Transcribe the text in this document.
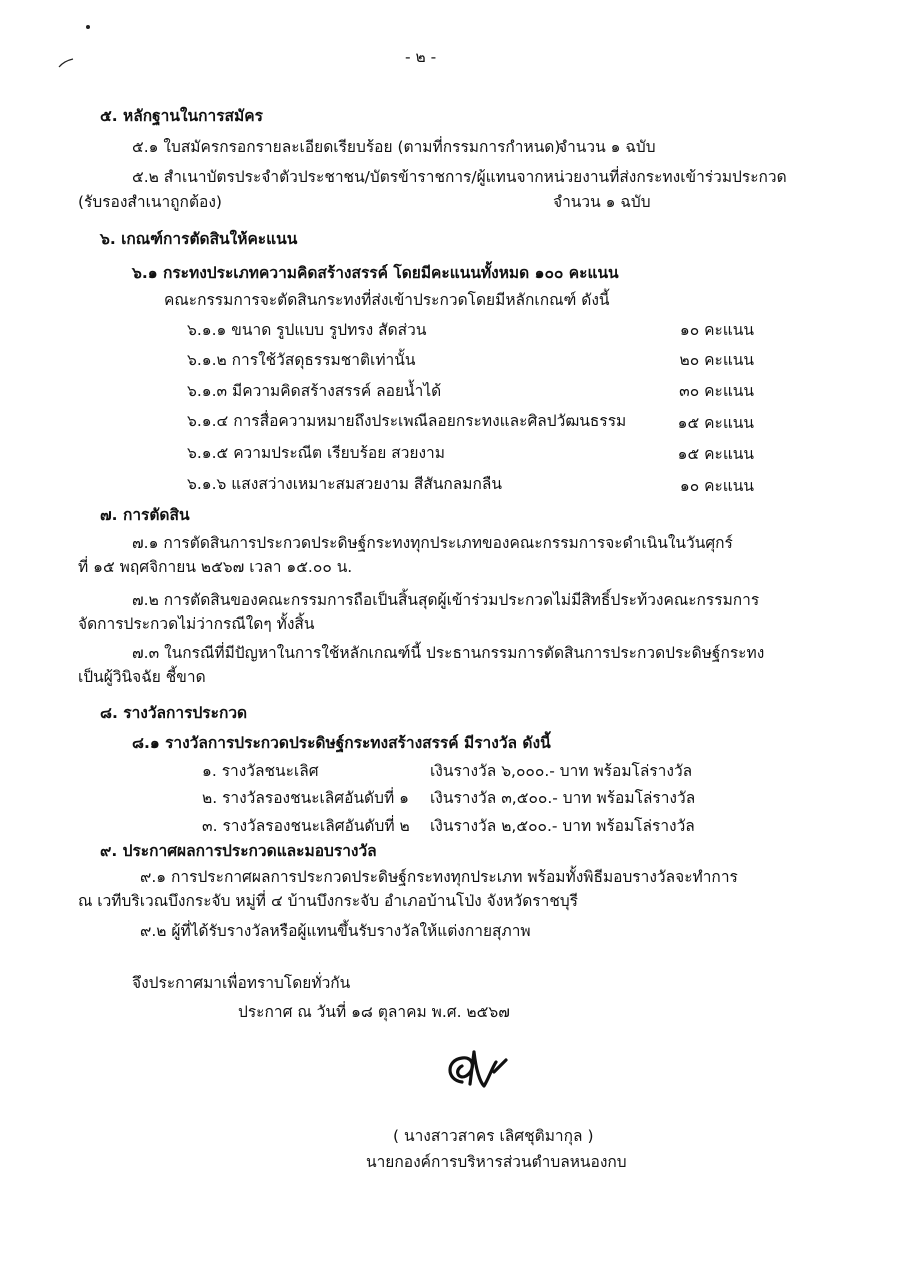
- ๒ -
๕. หลักฐานในการสมัคร
๕.๑ ใบสมัครกรอกรายละเอียดเรียบร้อย (ตามที่กรรมการกำหนด)
จำนวน ๑ ฉบับ
๕.๒ สำเนาบัตรประจำตัวประชาชน/บัตรข้าราชการ/ผู้แทนจากหน่วยงานที่ส่งกระทงเข้าร่วมประกวด
(รับรองสำเนาถูกต้อง)	จำนวน ๑ ฉบับ
๖. เกณฑ์การตัดสินให้คะแนน
๖.๑ กระทงประเภทความคิดสร้างสรรค์ โดยมีคะแนนทั้งหมด ๑๐๐ คะแนน
คณะกรรมการจะตัดสินกระทงที่ส่งเข้าประกวดโดยมีหลักเกณฑ์ ดังนี้
๖.๑.๑ ขนาด รูปแบบ รูปทรง สัดส่วน	๑๐ คะแนน
๖.๑.๒ การใช้วัสดุธรรมชาติเท่านั้น	๒๐ คะแนน
๖.๑.๓ มีความคิดสร้างสรรค์ ลอยน้ำได้	๓๐ คะแนน
๖.๑.๔ การสื่อความหมายถึงประเพณีลอยกระทงและศิลปวัฒนธรรม	๑๕ คะแนน
๖.๑.๕ ความประณีต เรียบร้อย สวยงาม	๑๕ คะแนน
๖.๑.๖ แสงสว่างเหมาะสมสวยงาม สีสันกลมกลืน	๑๐ คะแนน
๗. การตัดสิน
๗.๑ การตัดสินการประกวดประดิษฐ์กระทงทุกประเภทของคณะกรรมการจะดำเนินในวันศุกร์
ที่ ๑๕ พฤศจิกายน ๒๕๖๗ เวลา ๑๕.๐๐ น.
๗.๒ การตัดสินของคณะกรรมการถือเป็นสิ้นสุดผู้เข้าร่วมประกวดไม่มีสิทธิ์ประท้วงคณะกรรมการ
จัดการประกวดไม่ว่ากรณีใดๆ ทั้งสิ้น
๗.๓ ในกรณีที่มีปัญหาในการใช้หลักเกณฑ์นี้ ประธานกรรมการตัดสินการประกวดประดิษฐ์กระทง
เป็นผู้วินิจฉัย ชี้ขาด
๘. รางวัลการประกวด
๘.๑ รางวัลการประกวดประดิษฐ์กระทงสร้างสรรค์ มีรางวัล ดังนี้
๑. รางวัลชนะเลิศ	เงินรางวัล ๖,๐๐๐.- บาท พร้อมโล่รางวัล
๒. รางวัลรองชนะเลิศอันดับที่ ๑ เงินรางวัล ๓,๕๐๐.- บาท พร้อมโล่รางวัล
๓. รางวัลรองชนะเลิศอันดับที่ ๒ เงินรางวัล ๒,๕๐๐.- บาท พร้อมโล่รางวัล
๙. ประกาศผลการประกวดและมอบรางวัล
๙.๑ การประกาศผลการประกวดประดิษฐ์กระทงทุกประเภท พร้อมทั้งพิธีมอบรางวัลจะทำการ
ณ เวทีบริเวณบึงกระจับ หมู่ที่ ๔ บ้านบึงกระจับ อำเภอบ้านโป่ง จังหวัดราชบุรี
๙.๒ ผู้ที่ได้รับรางวัลหรือผู้แทนขึ้นรับรางวัลให้แต่งกายสุภาพ
จึงประกาศมาเพื่อทราบโดยทั่วกัน
ประกาศ ณ วันที่ ๑๘ ตุลาคม พ.ศ. ๒๕๖๗
( นางสาวสาคร เลิศชุติมากุล )
นายกองค์การบริหารส่วนตำบลหนองกบ
